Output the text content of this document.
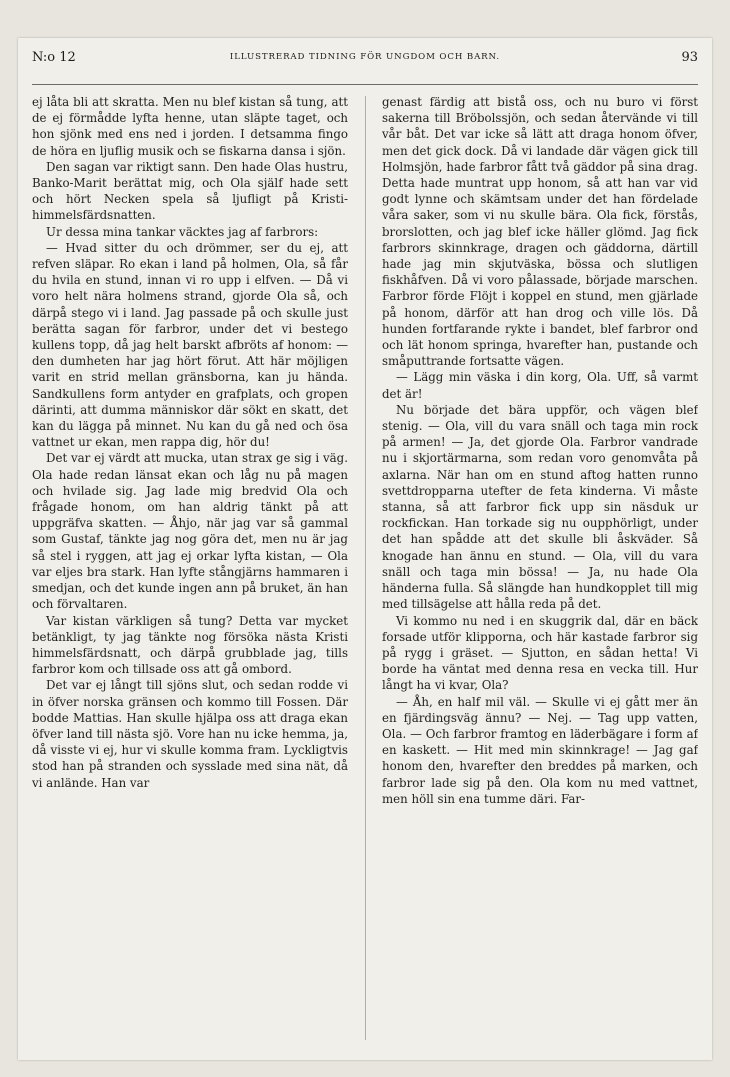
N:o 12	ILLUSTRERAD TIDNING FÖR UNGDOM OCH BARN.	93

ej låta bli att skratta. Men nu blef kistan så tung, att de ej förmådde lyfta henne, utan släpte taget, och hon sjönk med ens ned i jorden. I detsamma fingo de höra en ljuflig musik och se fiskarna dansa i sjön.

Den sagan var riktigt sann. Den hade Olas hustru, Banko-Marit berättat mig, och Ola själf hade sett och hört Necken spela så ljufligt på Kristi-himmelsfärdsnatten.

Ur dessa mina tankar väcktes jag af farbrors:

— Hvad sitter du och drömmer, ser du ej, att refven släpar. Ro ekan i land på holmen, Ola, så får du hvila en stund, innan vi ro upp i elfven. — Då vi voro helt nära holmens strand, gjorde Ola så, och därpå stego vi i land. Jag passade på och skulle just berätta sagan för farbror, under det vi bestego kullens topp, då jag helt barskt afbröts af honom: — den dumheten har jag hört förut. Att här möjligen varit en strid mellan gränsborna, kan ju hända. Sandkullens form antyder en grafplats, och gropen därinti, att dumma människor där sökt en skatt, det kan du lägga på minnet. Nu kan du gå ned och ösa vattnet ur ekan, men rappa dig, hör du!

Det var ej värdt att mucka, utan strax ge sig i väg. Ola hade redan länsat ekan och låg nu på magen och hvilade sig. Jag lade mig bredvid Ola och frågade honom, om han aldrig tänkt på att uppgräfva skatten. — Åhjo, när jag var så gammal som Gustaf, tänkte jag nog göra det, men nu är jag så stel i ryggen, att jag ej orkar lyfta kistan, — Ola var eljes bra stark. Han lyfte stångjärns hammaren i smedjan, och det kunde ingen ann på bruket, än han och förvaltaren.

Var kistan värkligen så tung? Detta var mycket betänkligt, ty jag tänkte nog försöka nästa Kristi himmelsfärdsnatt, och därpå grubblade jag, tills farbror kom och tillsade oss att gå ombord.

Det var ej långt till sjöns slut, och sedan rodde vi in öfver norska gränsen och kommo till Fossen. Där bodde Mattias. Han skulle hjälpa oss att draga ekan öfver land till nästa sjö. Vore han nu icke hemma, ja, då visste vi ej, hur vi skulle komma fram. Lyckligtvis stod han på stranden och sysslade med sina nät, då vi anlände. Han var

genast färdig att bistå oss, och nu buro vi först sakerna till Bröbolssjön, och sedan återvände vi till vår båt. Det var icke så lätt att draga honom öfver, men det gick dock. Då vi landade där vägen gick till Holmsjön, hade farbror fått två gäddor på sina drag. Detta hade muntrat upp honom, så att han var vid godt lynne och skämtsam under det han fördelade våra saker, som vi nu skulle bära. Ola fick, förstås, brorslotten, och jag blef icke häller glömd. Jag fick farbrors skinnkrage, dragen och gäddorna, därtill hade jag min skjutväska, bössa och slutligen fiskhåfven. Då vi voro pålassade, började marschen. Farbror förde Flöjt i koppel en stund, men gjärlade på honom, därför att han drog och ville lös. Då hunden fortfarande rykte i bandet, blef farbror ond och lät honom springa, hvarefter han, pustande och småputtrande fortsatte vägen.

— Lägg min väska i din korg, Ola. Uff, så varmt det är!

Nu började det bära uppför, och vägen blef stenig. — Ola, vill du vara snäll och taga min rock på armen! — Ja, det gjorde Ola. Farbror vandrade nu i skjortärmarna, som redan voro genomvåta på axlarna. När han om en stund aftog hatten runno svettdropparna utefter de feta kinderna. Vi måste stanna, så att farbror fick upp sin näsduk ur rockfickan. Han torkade sig nu oupphörligt, under det han spådde att det skulle bli åskväder. Så knogade han ännu en stund. — Ola, vill du vara snäll och taga min bössa! — Ja, nu hade Ola händerna fulla. Så slängde han hundkopplet till mig med tillsägelse att hålla reda på det.

Vi kommo nu ned i en skuggrik dal, där en bäck forsade utför klipporna, och här kastade farbror sig på rygg i gräset. — Sjutton, en sådan hetta! Vi borde ha väntat med denna resa en vecka till. Hur långt ha vi kvar, Ola?

— Åh, en half mil väl. — Skulle vi ej gått mer än en fjärdingsväg ännu? — Nej. — Tag upp vatten, Ola. — Och farbror framtog en läderbägare i form af en kaskett. — Hit med min skinnkrage! — Jag gaf honom den, hvarefter den breddes på marken, och farbror lade sig på den. Ola kom nu med vattnet, men höll sin ena tumme däri. Far-
